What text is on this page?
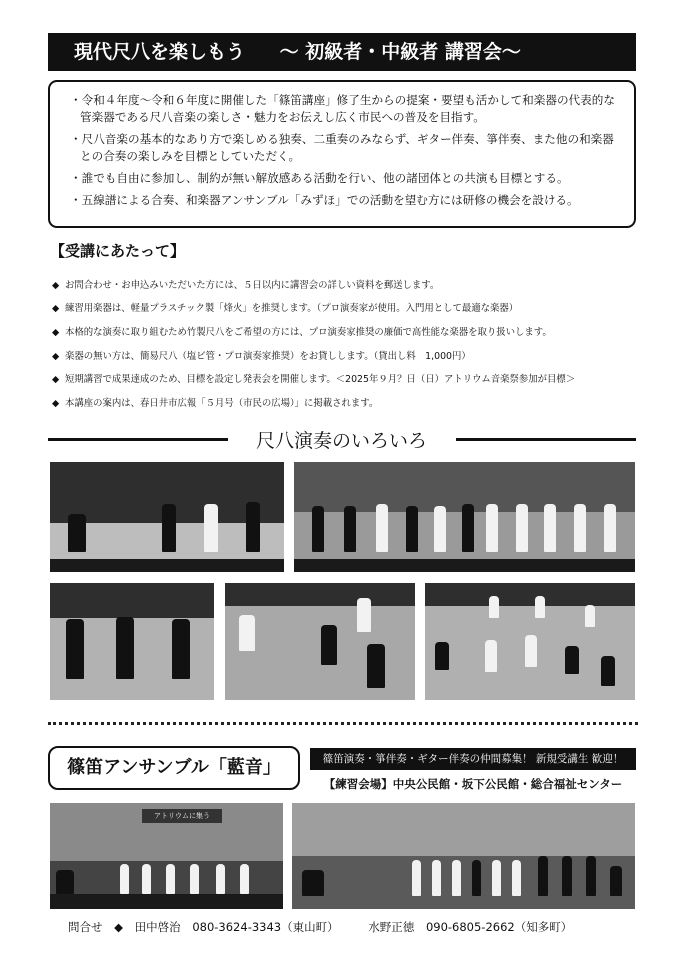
現代尺八を楽しもう ～ 初級者・中級者 講習会～
・令和４年度～令和６年度に開催した「篠笛講座」修了生からの提案・要望も活かして和楽器の代表的な管楽器である尺八音楽の楽しさ・魅力をお伝えし広く市民への普及を目指す。
・尺八音楽の基本的なあり方で楽しめる独奏、二重奏のみならず、ギター伴奏、箏伴奏、また他の和楽器との合奏の楽しみを目標としていただく。
・誰でも自由に参加し、制約が無い解放感ある活動を行い、他の諸団体との共演も目標とする。
・五線譜による合奏、和楽器アンサンブル「みずほ」での活動を望む方には研修の機会を設ける。
【受講にあたって】
◆ お問合わせ・お申込みいただいた方には、５日以内に講習会の詳しい資料を郵送します。
◆ 練習用楽器は、軽量プラスチック製「烽火」を推奨します。（プロ演奏家が使用。入門用として最適な楽器）
◆ 本格的な演奏に取り組むため竹製尺八をご希望の方には、プロ演奏家推奨の廉価で高性能な楽器を取り扱いします。
◆ 楽器の無い方は、簡易尺八（塩ビ管・プロ演奏家推奨）をお貸しします。（貸出し料　1,000円）
◆ 短期講習で成果達成のため、目標を設定し発表会を開催します。＜2025年９月？日（日）アトリウム音楽祭参加が目標＞
◆ 本講座の案内は、春日井市広報「５月号（市民の広場）」に掲載されます。
尺八演奏のいろいろ
篠笛アンサンブル「藍音」	篠笛演奏・箏伴奏・ギター伴奏の仲間募集！ 新規受講生 歓迎！
【練習会場】中央公民館・坂下公民館・総合福祉センター
アトリウムに集う
問合せ ◆ 田中啓治 080-3624-3343（東山町）	水野正徳 090-6805-2662（知多町）
